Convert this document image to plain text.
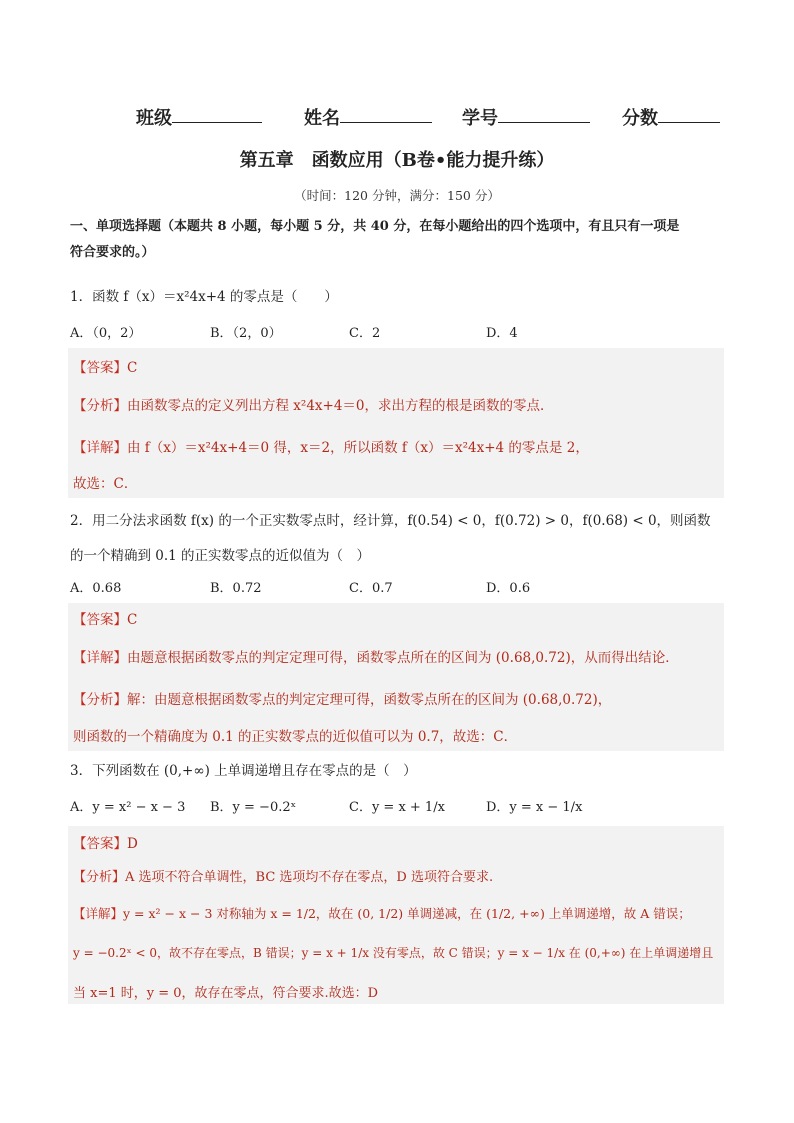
班级	姓名	学号	分数
第五章　函数应用（B卷•能力提升练）
（时间：120 分钟，满分：150 分）
一、单项选择题（本题共 8 小题，每小题 5 分，共 40 分，在每小题给出的四个选项中，有且只有一项是
符合要求的。）
1．函数 f（x）＝x²4x+4 的零点是（　　）
A．（0，2）	B．（2，0）	C．2	D．4
【答案】C
【分析】由函数零点的定义列出方程 x²4x+4＝0，求出方程的根是函数的零点．
【详解】由 f（x）＝x²4x+4＝0 得，x＝2，所以函数 f（x）＝x²4x+4 的零点是 2，
故选：C．
2．用二分法求函数 f(x) 的一个正实数零点时，经计算，f(0.54) < 0，f(0.72) > 0，f(0.68) < 0，则函数
的一个精确到 0.1 的正实数零点的近似值为（　）
A．0.68	B．0.72	C．0.7	D．0.6
【答案】C
【详解】由题意根据函数零点的判定定理可得，函数零点所在的区间为 (0.68,0.72)，从而得出结论．
【分析】解：由题意根据函数零点的判定定理可得，函数零点所在的区间为 (0.68,0.72)，
则函数的一个精确度为 0.1 的正实数零点的近似值可以为 0.7，故选：C．
3．下列函数在 (0,+∞) 上单调递增且存在零点的是（　）
A．y = x² − x − 3 B．y = −0.2ˣ	C．y = x + 1/x	D．y = x − 1/x
【答案】D
【分析】A 选项不符合单调性，BC 选项均不存在零点，D 选项符合要求.
【详解】y = x² − x − 3 对称轴为 x = 1/2，故在 (0, 1/2) 单调递减，在 (1/2, +∞) 上单调递增，故 A 错误；
y = −0.2ˣ < 0，故不存在零点，B 错误；y = x + 1/x 没有零点，故 C 错误；y = x − 1/x 在 (0,+∞) 在上单调递增且
当 x=1 时，y = 0，故存在零点，符合要求.故选：D
